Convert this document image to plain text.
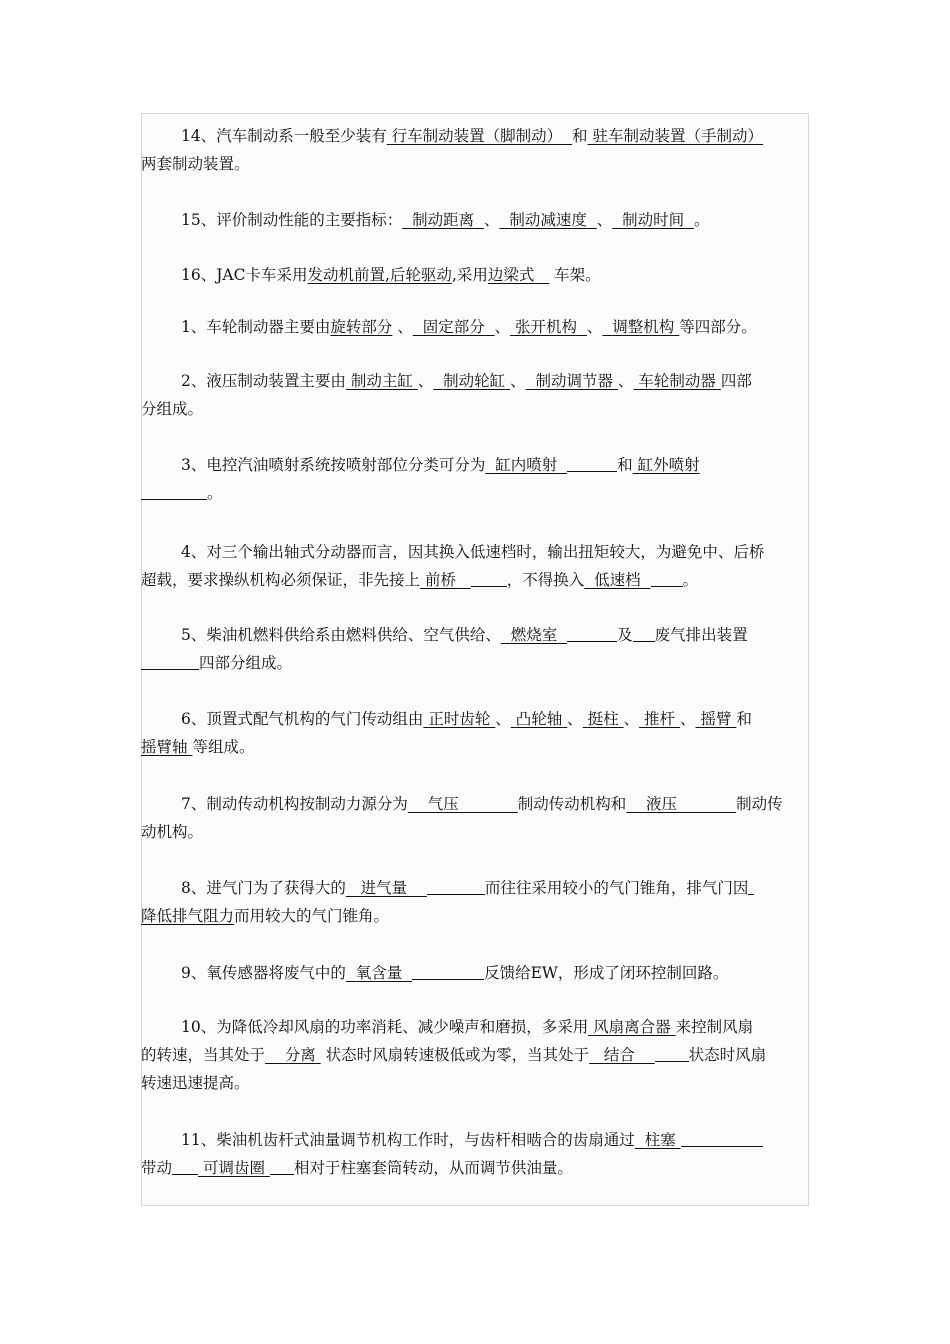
14、汽车制动系一般至少装有 行车制动装置（脚制动） 和 驻车制动装置（手制动）
两套制动装置。
15、评价制动性能的主要指标： 制动距离 、 制动减速度 、 制动时间 。
16、JAC卡车采用发动机前置,后轮驱动,采用边梁式 车架。
1、车轮制动器主要由旋转部分 、 固定部分 、 张开机构 、 调整机构 等四部分。
2、液压制动装置主要由 制动主缸 、 制动轮缸 、 制动调节器 、 车轮制动器 四部
分组成。
3、电控汽油喷射系统按喷射部位分类可分为 缸内喷射	和 缸外喷射
。
4、对三个输出轴式分动器而言，因其换入低速档时，输出扭矩较大，为避免中、后桥
超载，要求操纵机构必须保证，非先接上 前桥	，不得换入 低速档	。
5、柴油机燃料供给系由燃料供给、空气供给、 燃烧室	及 废气排出装置
四部分组成。
6、顶置式配气机构的气门传动组由 正时齿轮 、 凸轮轴 、 挺柱 、 推杆 、 摇臂 和
摇臂轴 等组成。
7、制动传动机构按制动力源分为 气压	制动传动机构和 液压	制动传
动机构。
8、进气门为了获得大的 进气量	而往往采用较小的气门锥角，排气门因
降低排气阻力而用较大的气门锥角。
9、氧传感器将废气中的 氧含量	反馈给EW，形成了闭环控制回路。
10、为降低冷却风扇的功率消耗、减少噪声和磨损，多采用 风扇离合器 来控制风扇
的转速，当其处于 分离 状态时风扇转速极低或为零，当其处于 结合	状态时风扇
转速迅速提高。
11、柴油机齿杆式油量调节机构工作时，与齿杆相啮合的齿扇通过 柱塞
带动 可调齿圈 相对于柱塞套筒转动，从而调节供油量。
